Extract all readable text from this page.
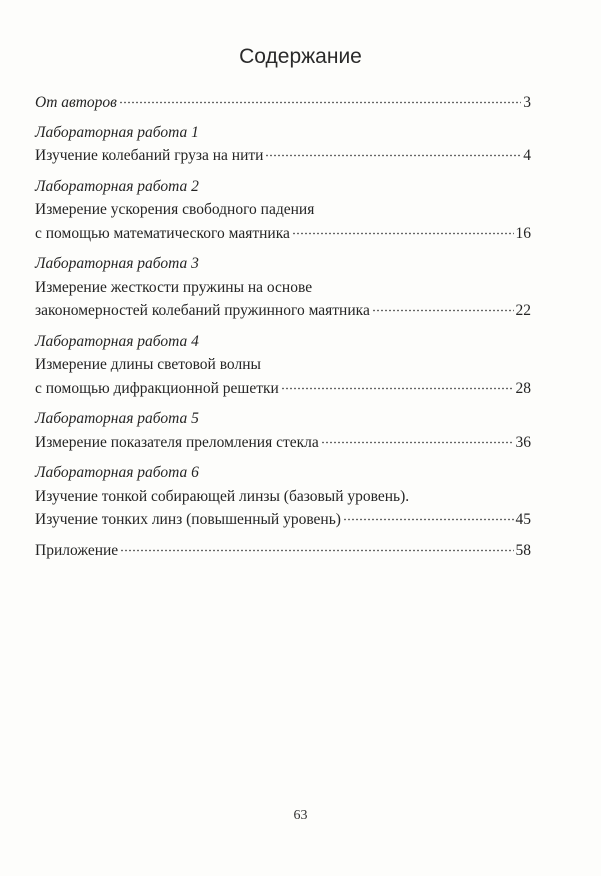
Содержание
От авторов	3
Лабораторная работа 1
Изучение колебаний груза на нити	4
Лабораторная работа 2
Измерение ускорения свободного падения
с помощью математического маятника	16
Лабораторная работа 3
Измерение жесткости пружины на основе
закономерностей колебаний пружинного маятника	22
Лабораторная работа 4
Измерение длины световой волны
с помощью дифракционной решетки	28
Лабораторная работа 5
Измерение показателя преломления стекла	36
Лабораторная работа 6
Изучение тонкой собирающей линзы (базовый уровень).
Изучение тонких линз (повышенный уровень)	45
Приложение	58
63
